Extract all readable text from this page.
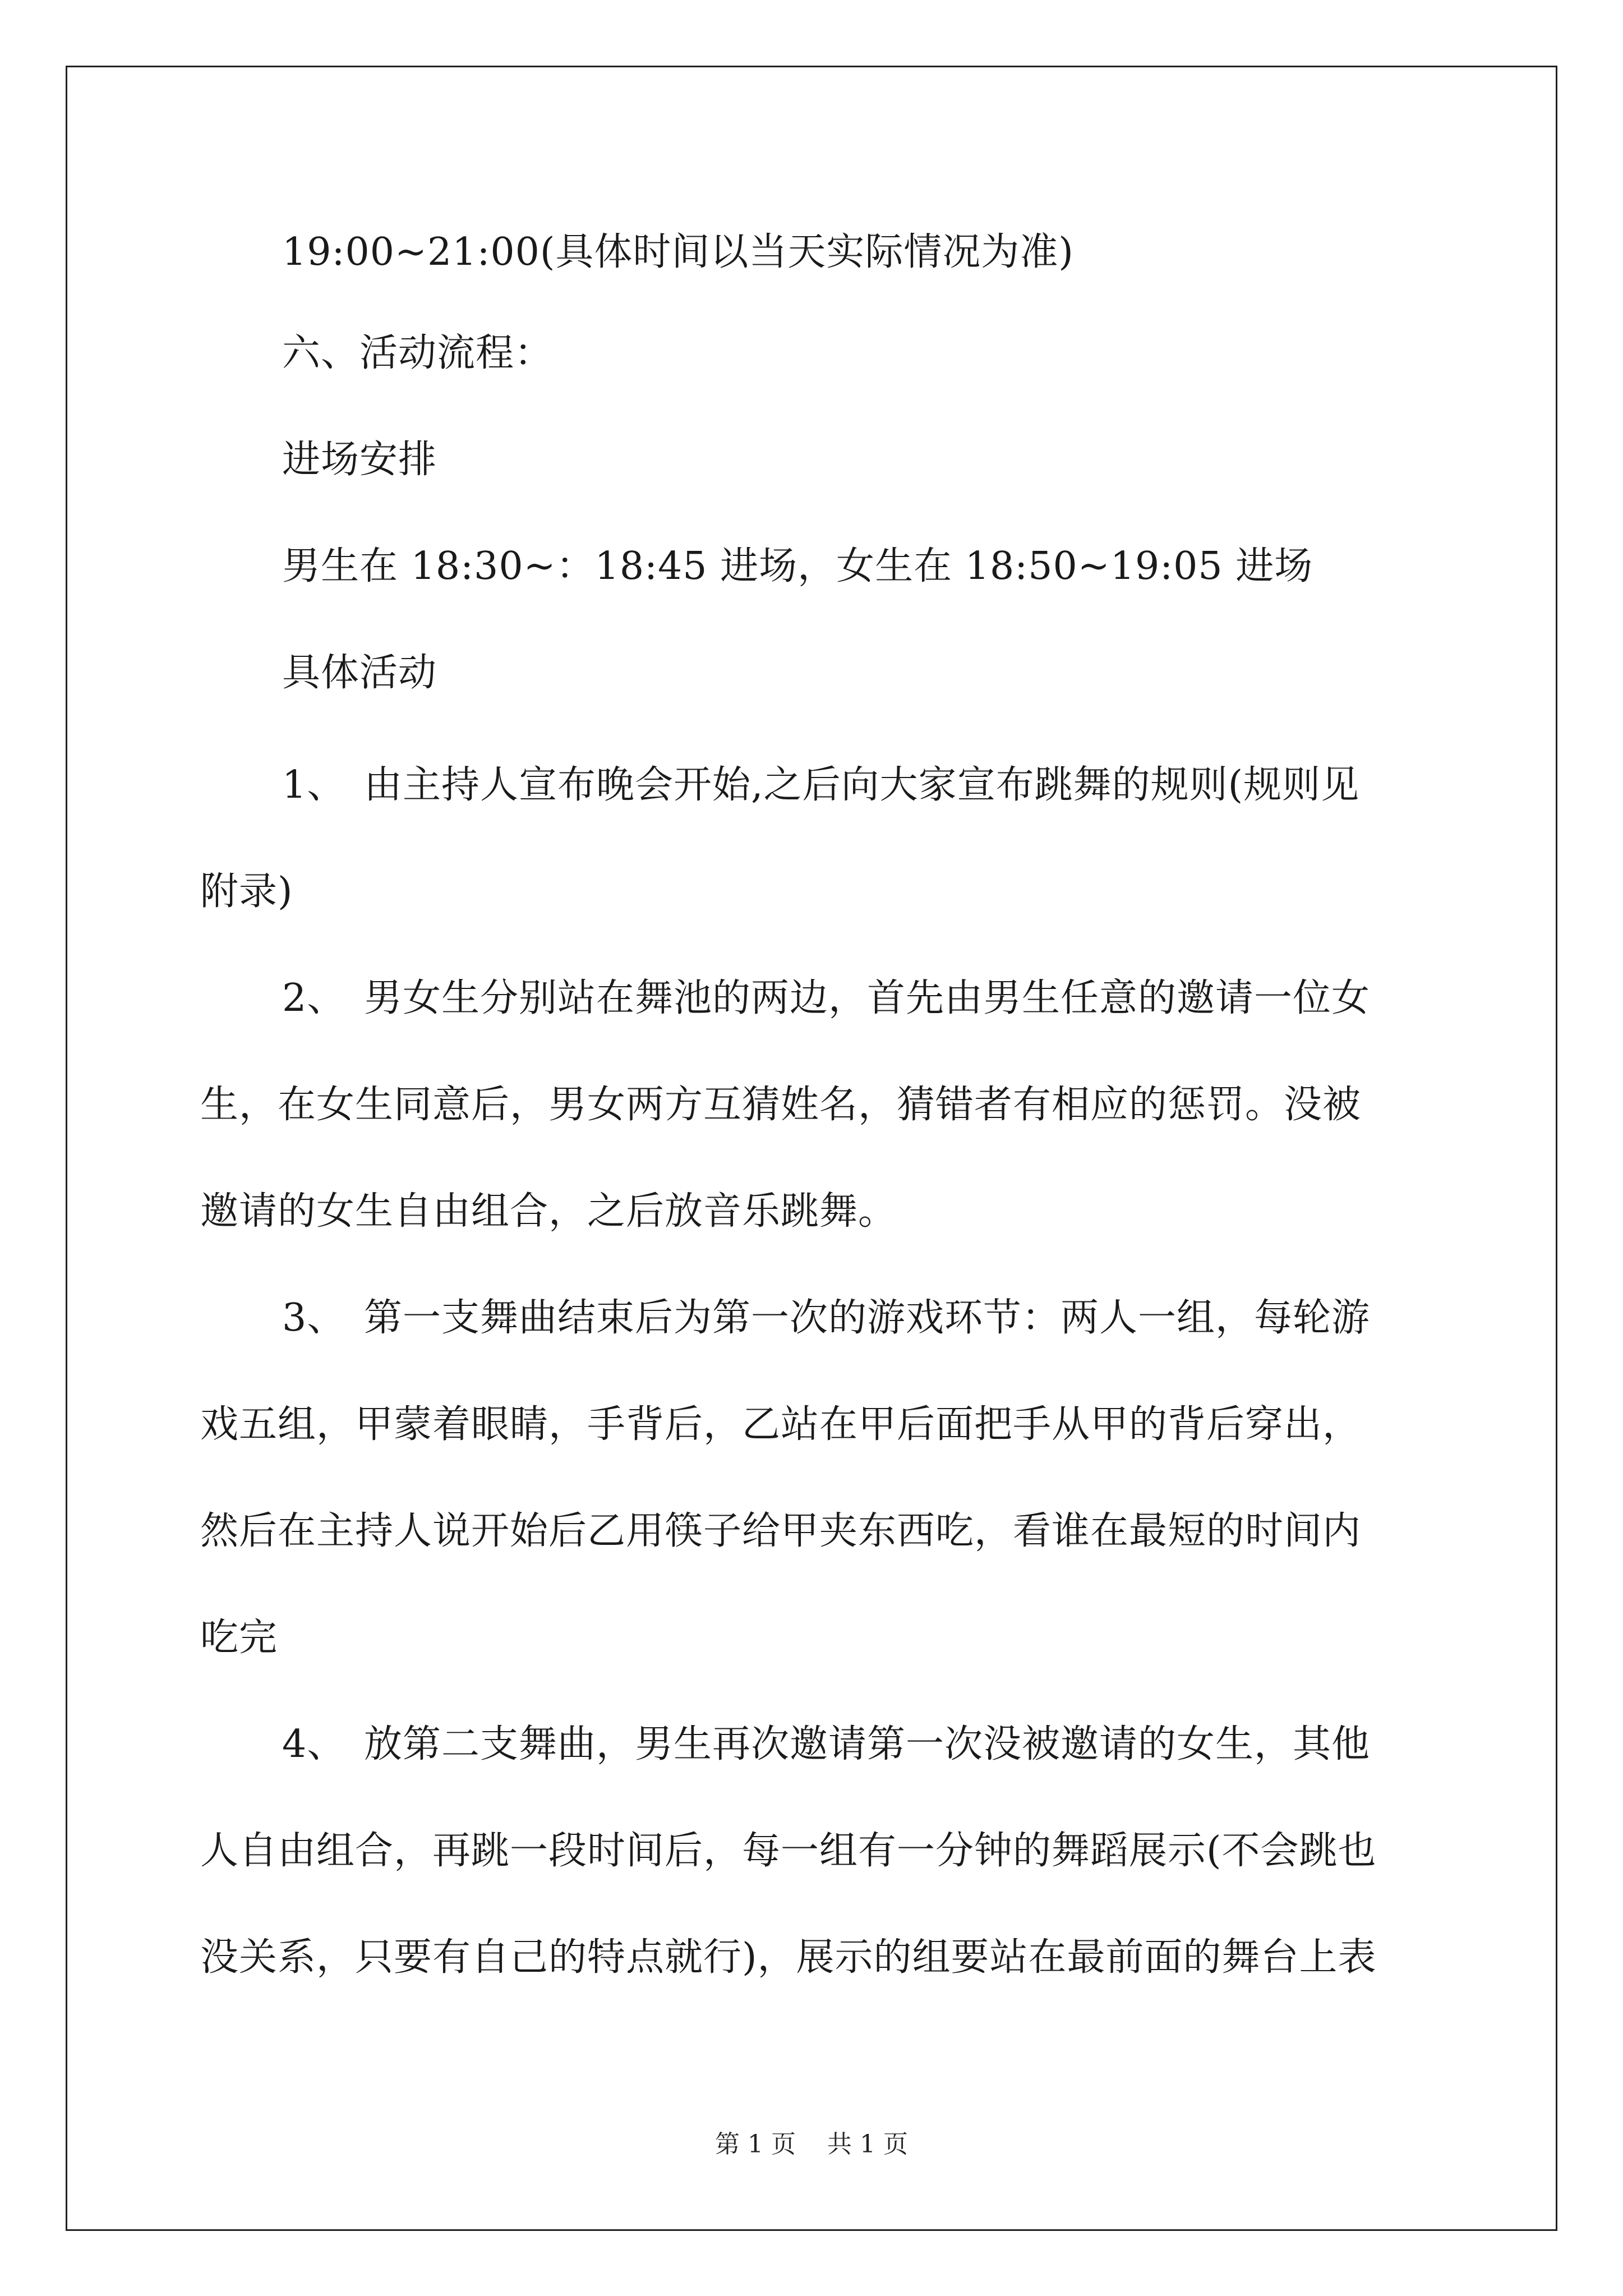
19:00~21:00(具体时间以当天实际情况为准)
六、活动流程：
进场安排
男生在 18:30~：18:45 进场，女生在 18:50~19:05 进场
具体活动
1、 由主持人宣布晚会开始,之后向大家宣布跳舞的规则(规则见
附录)
2、 男女生分别站在舞池的两边，首先由男生任意的邀请一位女
生，在女生同意后，男女两方互猜姓名，猜错者有相应的惩罚。没被
邀请的女生自由组合，之后放音乐跳舞。
3、 第一支舞曲结束后为第一次的游戏环节：两人一组，每轮游
戏五组，甲蒙着眼睛，手背后，乙站在甲后面把手从甲的背后穿出，
然后在主持人说开始后乙用筷子给甲夹东西吃，看谁在最短的时间内
吃完
4、 放第二支舞曲，男生再次邀请第一次没被邀请的女生，其他
人自由组合，再跳一段时间后，每一组有一分钟的舞蹈展示(不会跳也
没关系，只要有自己的特点就行)，展示的组要站在最前面的舞台上表
第 1 页 共 1 页
